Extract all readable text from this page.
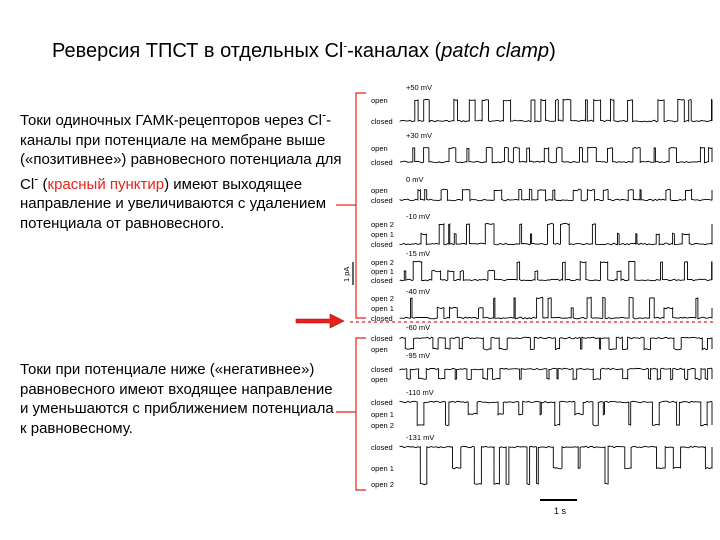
Реверсия ТПСТ в отдельных Cl--каналах (patch clamp)
Токи одиночных ГАМК-рецепторов через Cl--каналы при потенциале на мембране выше («позитивнее») равновесного потенциала для Cl- (красный пунктир) имеют выходящее направление и увеличиваются с удалением потенциала от равновесного.
Токи при потенциале ниже («негативнее») равновесного имеют входящее направление и уменьшаются с приближением потенциала к равновесному.
+50 mV
open
closed
+30 mV
open
closed
0 mV
open
closed
-10 mV
open 2
open 1
closed
-15 mV
open 2
open 1
closed
-40 mV
open 2
open 1
closed
-60 mV
closed
open
-95 mV
closed
open
-110 mV
closed
open 1
open 2
-131 mV
closed
open 1
open 2
1 pA
1 s
